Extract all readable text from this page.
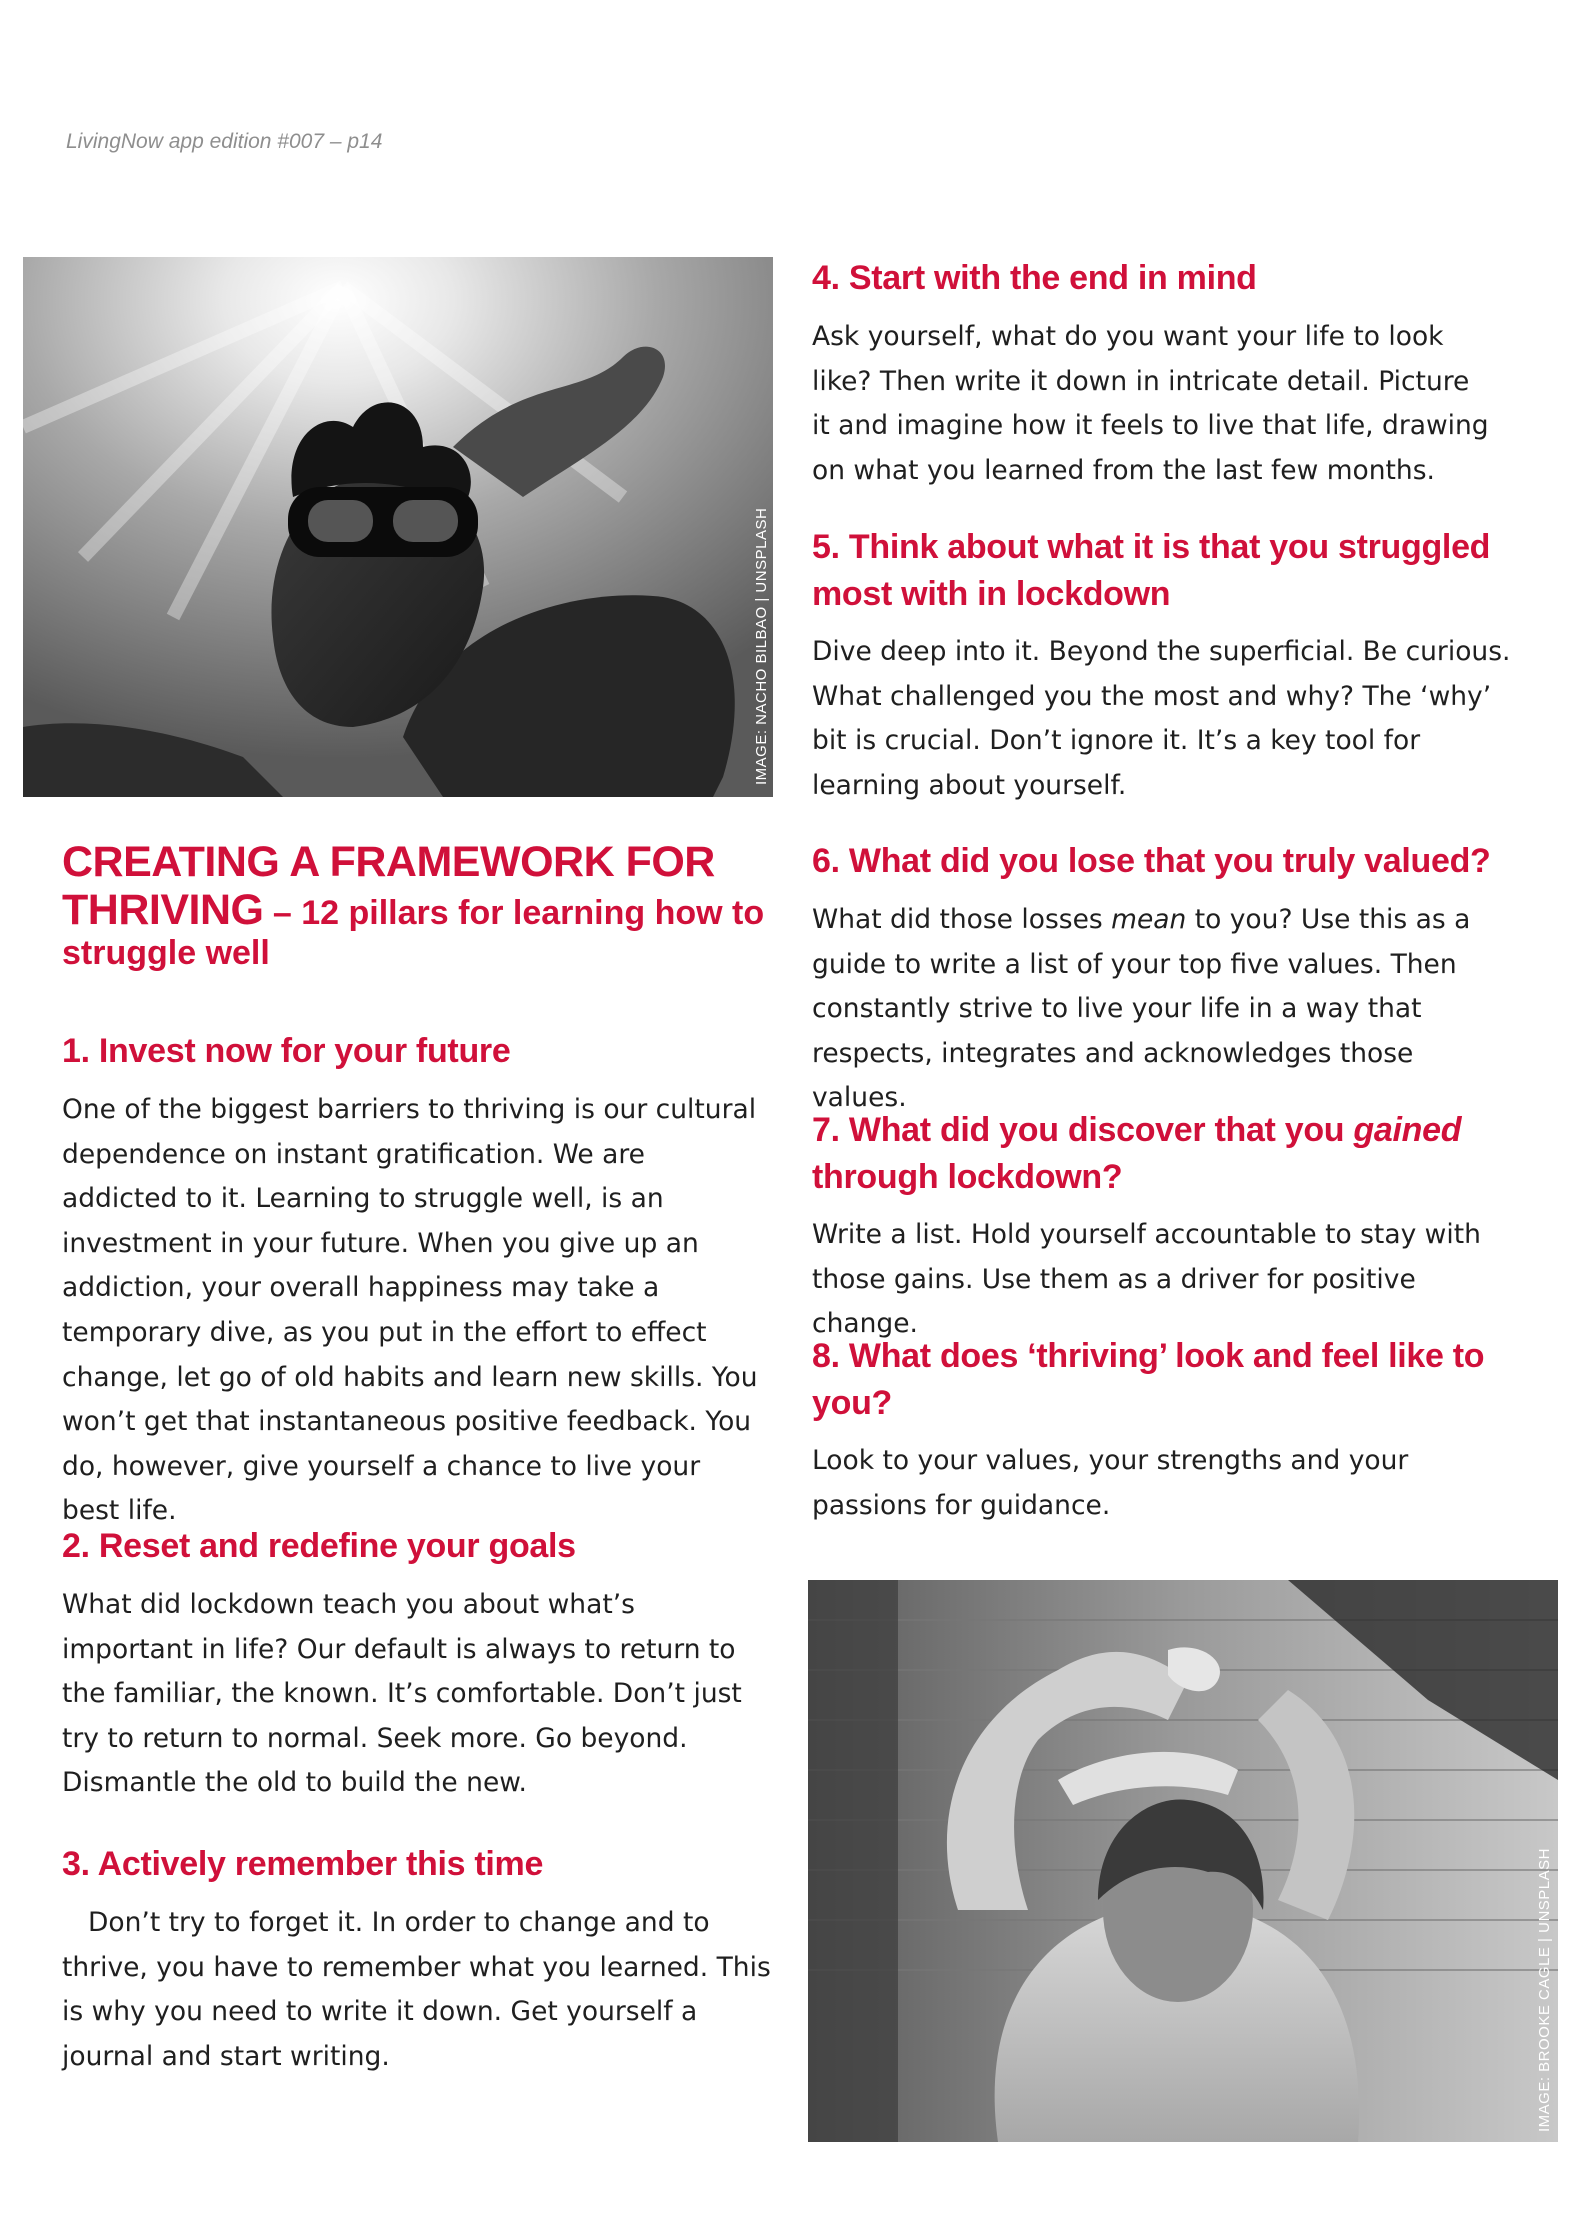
LivingNow app edition #007 – p14
IMAGE: NACHO BILBAO | UNSPLASH
CREATING A FRAMEWORK FOR
THRIVING – 12 pillars for learning how to
struggle well
1. Invest now for your future

One of the biggest barriers to thriving is our cultural dependence on instant gratification. We are addicted to it. Learning to struggle well, is an investment in your future. When you give up an addiction, your overall happiness may take a temporary dive, as you put in the effort to effect change, let go of old habits and learn new skills. You won’t get that instantaneous positive feedback. You do, however, give yourself a chance to live your best life.

2. Reset and redefine your goals

What did lockdown teach you about what’s important in life? Our default is always to return to the familiar, the known. It’s comfortable. Don’t just try to return to normal. Seek more. Go beyond. Dismantle the old to build the new.

3. Actively remember this time

Don’t try to forget it. In order to change and to thrive, you have to remember what you learned. This is why you need to write it down. Get yourself a journal and start writing.

4. Start with the end in mind

Ask yourself, what do you want your life to look like? Then write it down in intricate detail. Picture it and imagine how it feels to live that life, drawing on what you learned from the last few months.

5. Think about what it is that you struggled
most with in lockdown

Dive deep into it. Beyond the superficial. Be curious. What challenged you the most and why? The ‘why’ bit is crucial. Don’t ignore it. It’s a key tool for learning about yourself.

6. What did you lose that you truly valued?

What did those losses mean to you? Use this as a guide to write a list of your top five values. Then constantly strive to live your life in a way that respects, integrates and acknowledges those values.

7. What did you discover that you gained
through lockdown?

Write a list. Hold yourself accountable to stay with those gains. Use them as a driver for positive change.

8. What does ‘thriving’ look and feel like to
you?

Look to your values, your strengths and your passions for guidance.

IMAGE: BROOKE CAGLE | UNSPLASH
